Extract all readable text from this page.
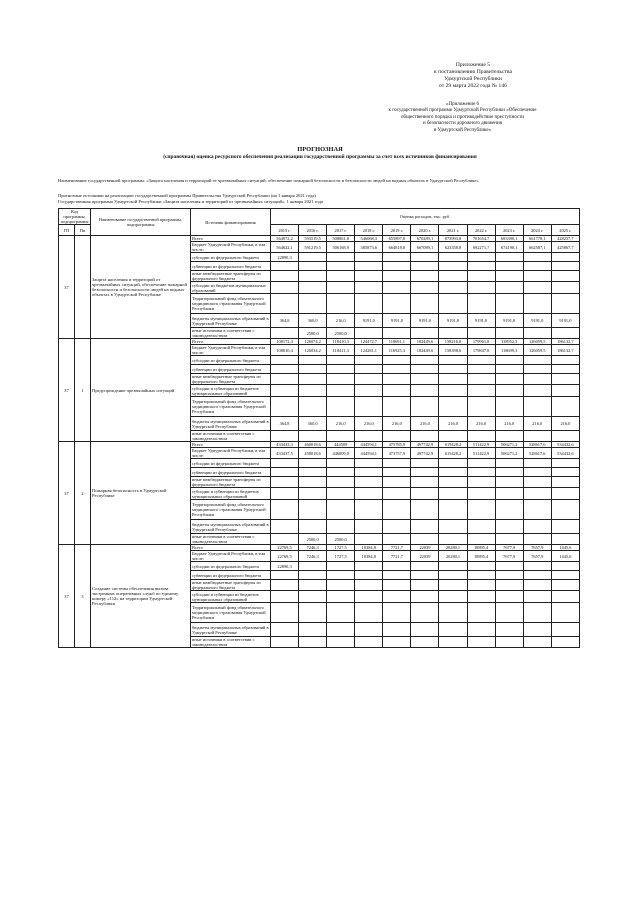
Приложение 5
к постановлению Правительства
Удмуртской Республики
от 29 марта 2022 года № 146
«Приложение 6
к государственной программе Удмуртской Республики «Обеспечение
общественного порядка и противодействие преступности
и безопасности дорожного движения
в Удмуртской Республике»
ПРОГНОЗНАЯ
(справочная) оценка ресурсного обеспечения реализации государственной программы за счет всех источников финансирования
Наименование государственной программы: «Защита населения и территорий от чрезвычайных ситуаций, обеспечение пожарной безопасности и безопасности людей на водных объектах в Удмуртской Республике»
Прогнозные источники на реализацию государственной программы Правительства Удмуртской Республики (на 1 января 2021 года)
Государственная программа Удмуртской Республики «Защита населения и территорий от чрезвычайных ситуаций», 1 января 2021 года
Код программы, подпрограммы		Наименование государственной программы, подпрограммы	Источник финансирования	Оценка расходов, тыс. руб.										
ГП	Пп			2015 г.	2016 г.	2017 г.	2018 г.	2019 г.	2020 г.	2021 г.	2022 г.	2023 г.	2024 г.	2025 г.

37		Защита населения и территорий от чрезвычайных ситуаций, обеспечение пожарной безопасности и безопасности людей на водных объектах в Удмуртской Республике	Всего	564972,2	593519,5	508861,8	546068,3	655897,8	670289,1	873993,8	701654,7	683390,1	661778,1	428257,7
			Бюджет Удмуртской Республики, в том числе:	564622,1	591219,5	506168,9	385873,6	664818,8	667089,1	623358,8	692271,7	674190,1	662587,1	425867,7
			субсидии из федерального бюджета	22890,3										
			субвенции из федерального бюджета											
			иные межбюджетные трансферты из федерального бюджета											
			субсидии из бюджетов муниципальных образований											
			Территориальный фонд обязательного медицинского страхования Удмуртской Республики											
			бюджеты муниципальных образований в Удмуртской Республике	364,8	360,0	216,0	9191,0	9191,0	9191,0	9191,0	9191,0	9191,0	9191,0	9191,0
			иные источники в соответствии с законодательством		2500,0	2500,0								
37	1	Предупреждение чрезвычайных ситуаций	Всего	108172,4	126074,2	118410,3	124472,7	118691,1	182449,6	158216,8	179961,8	118952,3	126059,5	186132,7
			Бюджет Удмуртской Республики, в том числе:	108810,4	126034,2	118411,3	124281,1	116925,3	182449,6	158398,6	179847,8	118699,3	126059,5	186132,7
			субсидии из федерального бюджета											
			субвенции из федерального бюджета											
			иные межбюджетные трансферты из федерального бюджета											
			субсидии и субвенции из бюджетов муниципальных образований											
			Территориальный фонд обязательного медицинского страхования Удмуртской Республики											
			бюджеты муниципальных образований в Удмуртской Республике	364,8	360,0	216,0	216,0	216,0	216,0	216,0	216,0	216,0	216,0	216,0
			иные источники в соответствии с законодательством											
37	2	Пожарная безопасность в Удмуртской Республике	Всего	433433,3	460018,6	444509	444594,1	475785,9	497742,9	615428,2	511422,9	506271,2	528617,6	534432,6
			Бюджет Удмуртской Республики, в том числе:	433437,5	458018,6	446009,0	444594,1	473757,9	497742,9	615428,2	511422,9	506271,2	528617,6	534432,6
			субсидии из федерального бюджета											
			субвенции из федерального бюджета											
			иные межбюджетные трансферты из федерального бюджета											
			субсидии и субвенции из бюджетов муниципальных образований											
			Территориальный фонд обязательного медицинского страхования Удмуртской Республики											
			бюджеты муниципальных образований в Удмуртской Республике											
			иные источники в соответствии с законодательством		2500,0	2500,0								
37	3	Создание системы обеспечения вызова экстренных оперативных служб по единому номеру «112» на территории Удмуртской Республики	Всего	22769,5	7246,3	1727,5	10384,8	7721,7	22039	20280,1	18895,4	7677,9	7657,9	1445,6
			Бюджет Удмуртской Республики, в том числе:	22769,5	7246,3	1727,5	10384,8	7721,7	22039	20280,1	18895,4	7677,9	7657,9	1445,6
			субсидии из федерального бюджета	22890,3										
			субвенции из федерального бюджета											
			иные межбюджетные трансферты из федерального бюджета											
			субсидии и субвенции из бюджетов муниципальных образований											
			Территориальный фонд обязательного медицинского страхования Удмуртской Республики											
			бюджеты муниципальных образований в Удмуртской Республике											
			иные источники в соответствии с законодательством											
